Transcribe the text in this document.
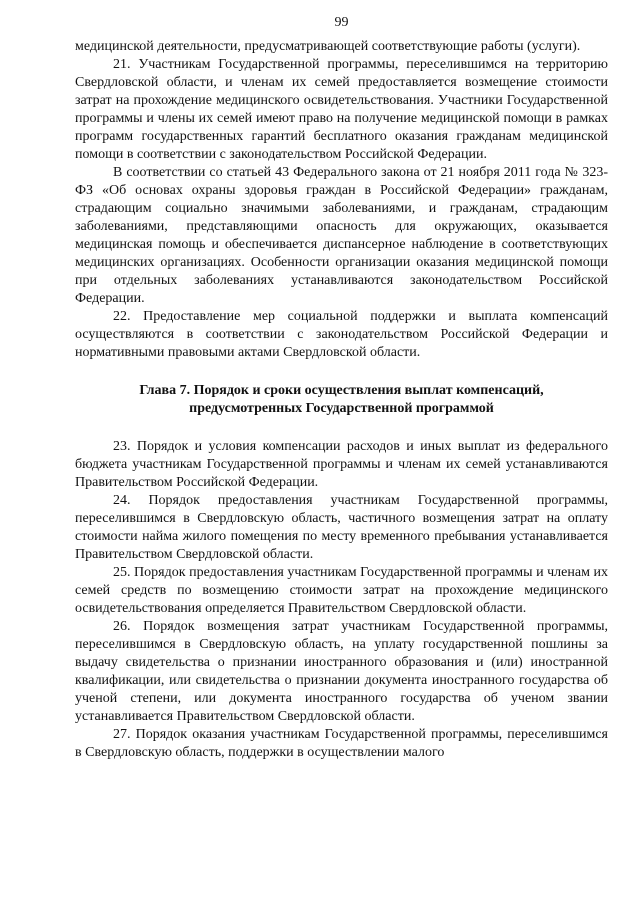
99

медицинской деятельности, предусматривающей соответствующие работы (услуги).

21. Участникам Государственной программы, переселившимся на территорию Свердловской области, и членам их семей предоставляется возмещение стоимости затрат на прохождение медицинского освидетельствования. Участники Государственной программы и члены их семей имеют право на получение медицинской помощи в рамках программ государственных гарантий бесплатного оказания гражданам медицинской помощи в соответствии с законодательством Российской Федерации.

В соответствии со статьей 43 Федерального закона от 21 ноября 2011 года № 323-ФЗ «Об основах охраны здоровья граждан в Российской Федерации» гражданам, страдающим социально значимыми заболеваниями, и гражданам, страдающим заболеваниями, представляющими опасность для окружающих, оказывается медицинская помощь и обеспечивается диспансерное наблюдение в соответствующих медицинских организациях. Особенности организации оказания медицинской помощи при отдельных заболеваниях устанавливаются законодательством Российской Федерации.

22. Предоставление мер социальной поддержки и выплата компенсаций осуществляются в соответствии с законодательством Российской Федерации и нормативными правовыми актами Свердловской области.

Глава 7. Порядок и сроки осуществления выплат компенсаций,
предусмотренных Государственной программой

23. Порядок и условия компенсации расходов и иных выплат из федерального бюджета участникам Государственной программы и членам их семей устанавливаются Правительством Российской Федерации.

24. Порядок предоставления участникам Государственной программы, переселившимся в Свердловскую область, частичного возмещения затрат на оплату стоимости найма жилого помещения по месту временного пребывания устанавливается Правительством Свердловской области.

25. Порядок предоставления участникам Государственной программы и членам их семей средств по возмещению стоимости затрат на прохождение медицинского освидетельствования определяется Правительством Свердловской области.

26. Порядок возмещения затрат участникам Государственной программы, переселившимся в Свердловскую область, на уплату государственной пошлины за выдачу свидетельства о признании иностранного образования и (или) иностранной квалификации, или свидетельства о признании документа иностранного государства об ученой степени, или документа иностранного государства об ученом звании устанавливается Правительством Свердловской области.

27. Порядок оказания участникам Государственной программы, переселившимся в Свердловскую область, поддержки в осуществлении малого
